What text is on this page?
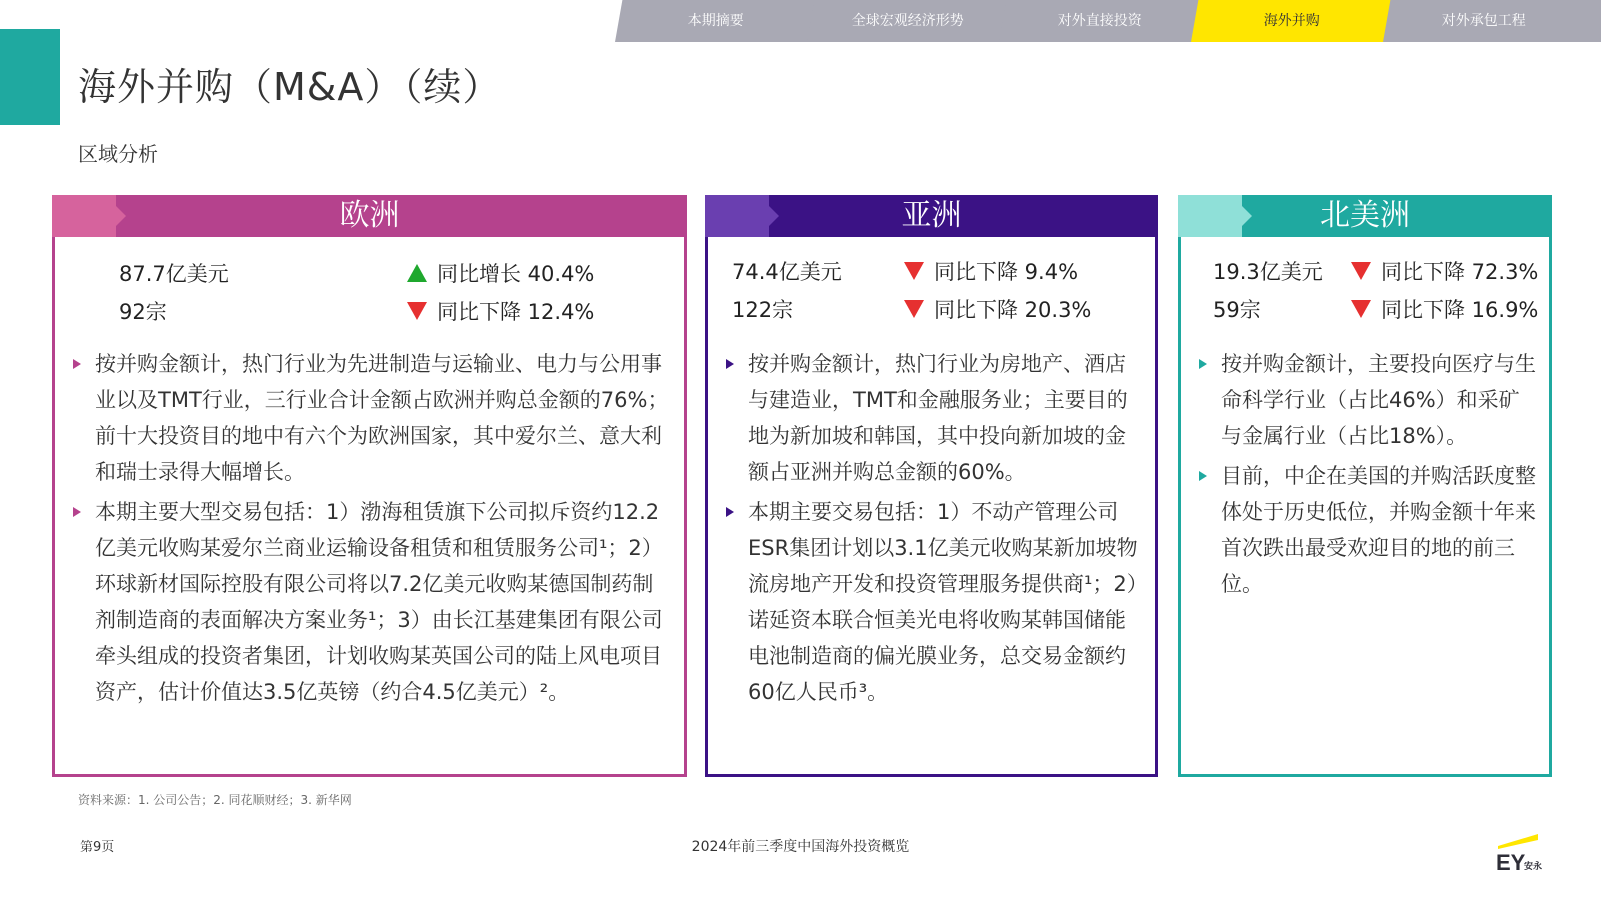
本期摘要	全球宏观经济形势	对外直接投资	海外并购	对外承包工程
海外并购（M&A）（续）
区域分析
欧洲
87.7亿美元	同比增长 40.4%
92宗	同比下降 12.4%
按并购金额计，热门行业为先进制造与运输业、电力与公用事业以及TMT行业，三行业合计金额占欧洲并购总金额的76%；前十大投资目的地中有六个为欧洲国家，其中爱尔兰、意大利和瑞士录得大幅增长。
本期主要大型交易包括：1）渤海租赁旗下公司拟斥资约12.2亿美元收购某爱尔兰商业运输设备租赁和租赁服务公司¹；2）环球新材国际控股有限公司将以7.2亿美元收购某德国制药制剂制造商的表面解决方案业务¹；3）由长江基建集团有限公司牵头组成的投资者集团，计划收购某英国公司的陆上风电项目资产，估计价值达3.5亿英镑（约合4.5亿美元）²。
亚洲
74.4亿美元	同比下降 9.4%
122宗	同比下降 20.3%
按并购金额计，热门行业为房地产、酒店与建造业，TMT和金融服务业；主要目的地为新加坡和韩国，其中投向新加坡的金额占亚洲并购总金额的60%。
本期主要交易包括：1）不动产管理公司ESR集团计划以3.1亿美元收购某新加坡物流房地产开发和投资管理服务提供商¹；2）诺延资本联合恒美光电将收购某韩国储能电池制造商的偏光膜业务，总交易金额约60亿人民币³。
北美洲
19.3亿美元	同比下降 72.3%
59宗	同比下降 16.9%
按并购金额计，主要投向医疗与生命科学行业（占比46%）和采矿与金属行业（占比18%）。
目前，中企在美国的并购活跃度整体处于历史低位，并购金额十年来首次跌出最受欢迎目的地的前三位。
资料来源：1. 公司公告；2. 同花顺财经；3. 新华网
第9页	2024年前三季度中国海外投资概览
EY
安永
